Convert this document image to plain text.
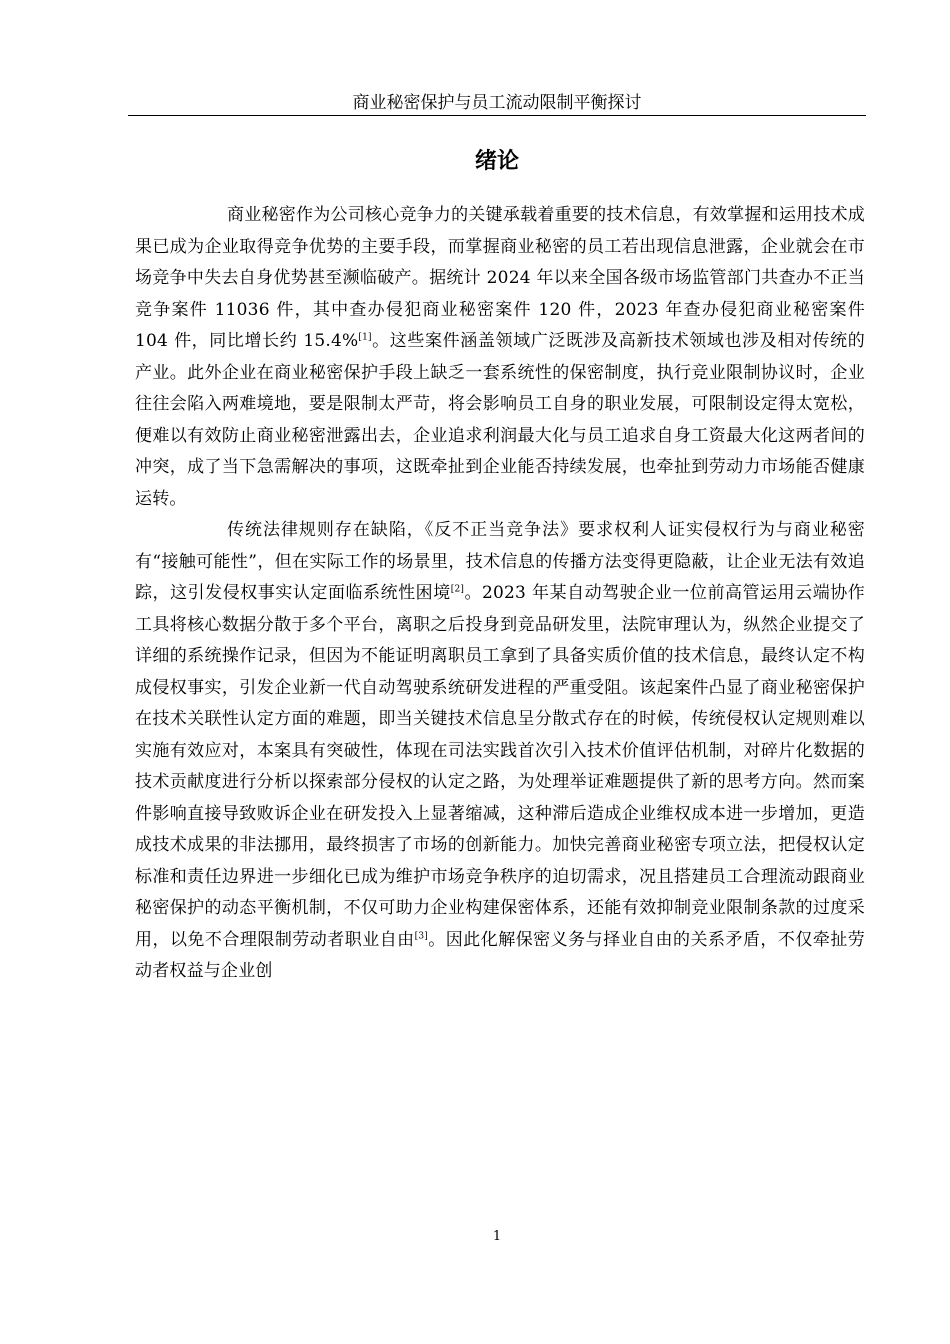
商业秘密保护与员工流动限制平衡探讨
绪论

商业秘密作为公司核心竞争力的关键承载着重要的技术信息，有效掌握和运用技术成果已成为企业取得竞争优势的主要手段，而掌握商业秘密的员工若出现信息泄露，企业就会在市场竞争中失去自身优势甚至濒临破产。据统计 2024 年以来全国各级市场监管部门共查办不正当竞争案件 11036 件，其中查办侵犯商业秘密案件 120 件，2023 年查办侵犯商业秘密案件 104 件，同比增长约 15.4%[1]。这些案件涵盖领域广泛既涉及高新技术领域也涉及相对传统的产业。此外企业在商业秘密保护手段上缺乏一套系统性的保密制度，执行竞业限制协议时，企业往往会陷入两难境地，要是限制太严苛，将会影响员工自身的职业发展，可限制设定得太宽松，便难以有效防止商业秘密泄露出去，企业追求利润最大化与员工追求自身工资最大化这两者间的冲突，成了当下急需解决的事项，这既牵扯到企业能否持续发展，也牵扯到劳动力市场能否健康运转。

传统法律规则存在缺陷，《反不正当竞争法》要求权利人证实侵权行为与商业秘密有“接触可能性”，但在实际工作的场景里，技术信息的传播方法变得更隐蔽，让企业无法有效追踪，这引发侵权事实认定面临系统性困境[2]。2023 年某自动驾驶企业一位前高管运用云端协作工具将核心数据分散于多个平台，离职之后投身到竞品研发里，法院审理认为，纵然企业提交了详细的系统操作记录，但因为不能证明离职员工拿到了具备实质价值的技术信息，最终认定不构成侵权事实，引发企业新一代自动驾驶系统研发进程的严重受阻。该起案件凸显了商业秘密保护在技术关联性认定方面的难题，即当关键技术信息呈分散式存在的时候，传统侵权认定规则难以实施有效应对，本案具有突破性，体现在司法实践首次引入技术价值评估机制，对碎片化数据的技术贡献度进行分析以探索部分侵权的认定之路，为处理举证难题提供了新的思考方向。然而案件影响直接导致败诉企业在研发投入上显著缩减，这种滞后造成企业维权成本进一步增加，更造成技术成果的非法挪用，最终损害了市场的创新能力。加快完善商业秘密专项立法，把侵权认定标准和责任边界进一步细化已成为维护市场竞争秩序的迫切需求，况且搭建员工合理流动跟商业秘密保护的动态平衡机制，不仅可助力企业构建保密体系，还能有效抑制竞业限制条款的过度采用，以免不合理限制劳动者职业自由[3]。因此化解保密义务与择业自由的关系矛盾，不仅牵扯劳动者权益与企业创

1
